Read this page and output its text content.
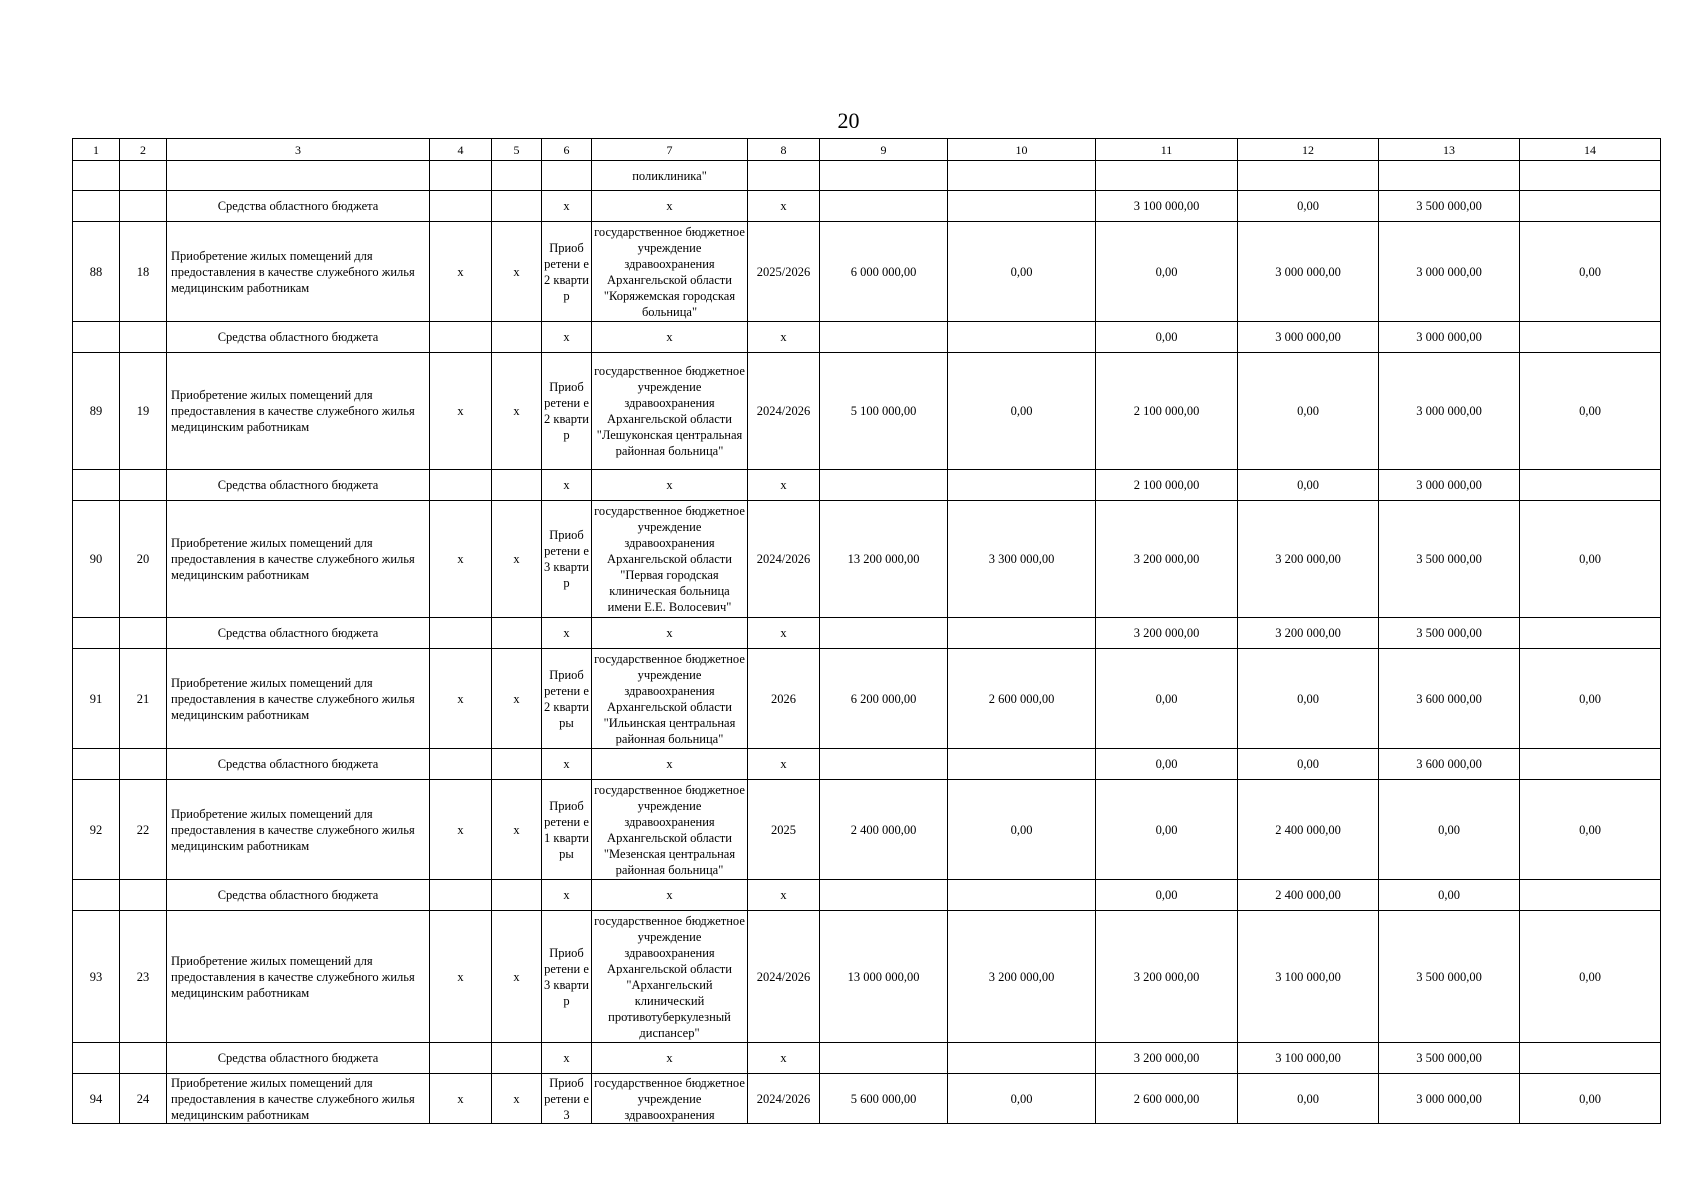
20
1	2	3	4	5	6	7	8	9	10	11	12	13	14
						поликлиника"							
		Средства областного бюджета			x	x	x			3 100 000,00	0,00	3 500 000,00	
88	18	Приобретение жилых помещений для предоставления в качестве служебного жилья медицинским работникам	x	x	Приоб ретени е 2 кварти р	государственное бюджетное учреждение здравоохранения Архангельской области "Коряжемская городская больница"	2025/2026	6 000 000,00	0,00	0,00	3 000 000,00	3 000 000,00	0,00
		Средства областного бюджета			x	x	x			0,00	3 000 000,00	3 000 000,00	
89	19	Приобретение жилых помещений для предоставления в качестве служебного жилья медицинским работникам	x	x	Приоб ретени е 2 кварти р	государственное бюджетное учреждение здравоохранения Архангельской области "Лешуконская центральная районная больница"	2024/2026	5 100 000,00	0,00	2 100 000,00	0,00	3 000 000,00	0,00
		Средства областного бюджета			x	x	x			2 100 000,00	0,00	3 000 000,00	
90	20	Приобретение жилых помещений для предоставления в качестве служебного жилья медицинским работникам	x	x	Приоб ретени е 3 кварти р	государственное бюджетное учреждение здравоохранения Архангельской области "Первая городская клиническая больница имени Е.Е. Волосевич"	2024/2026	13 200 000,00	3 300 000,00	3 200 000,00	3 200 000,00	3 500 000,00	0,00
		Средства областного бюджета			x	x	x			3 200 000,00	3 200 000,00	3 500 000,00	
91	21	Приобретение жилых помещений для предоставления в качестве служебного жилья медицинским работникам	x	x	Приоб ретени е 2 кварти ры	государственное бюджетное учреждение здравоохранения Архангельской области "Ильинская центральная районная больница"	2026	6 200 000,00	2 600 000,00	0,00	0,00	3 600 000,00	0,00
		Средства областного бюджета			x	x	x			0,00	0,00	3 600 000,00	
92	22	Приобретение жилых помещений для предоставления в качестве служебного жилья медицинским работникам	x	x	Приоб ретени е 1 кварти ры	государственное бюджетное учреждение здравоохранения Архангельской области "Мезенская центральная районная больница"	2025	2 400 000,00	0,00	0,00	2 400 000,00	0,00	0,00
		Средства областного бюджета			x	x	x			0,00	2 400 000,00	0,00	
93	23	Приобретение жилых помещений для предоставления в качестве служебного жилья медицинским работникам	x	x	Приоб ретени е 3 кварти р	государственное бюджетное учреждение здравоохранения Архангельской области "Архангельский клинический противотуберкулезный диспансер"	2024/2026	13 000 000,00	3 200 000,00	3 200 000,00	3 100 000,00	3 500 000,00	0,00
		Средства областного бюджета			x	x	x			3 200 000,00	3 100 000,00	3 500 000,00	
94	24	Приобретение жилых помещений для предоставления в качестве служебного жилья медицинским работникам	x	x	Приоб ретени е 3	государственное бюджетное учреждение здравоохранения	2024/2026	5 600 000,00	0,00	2 600 000,00	0,00	3 000 000,00	0,00
